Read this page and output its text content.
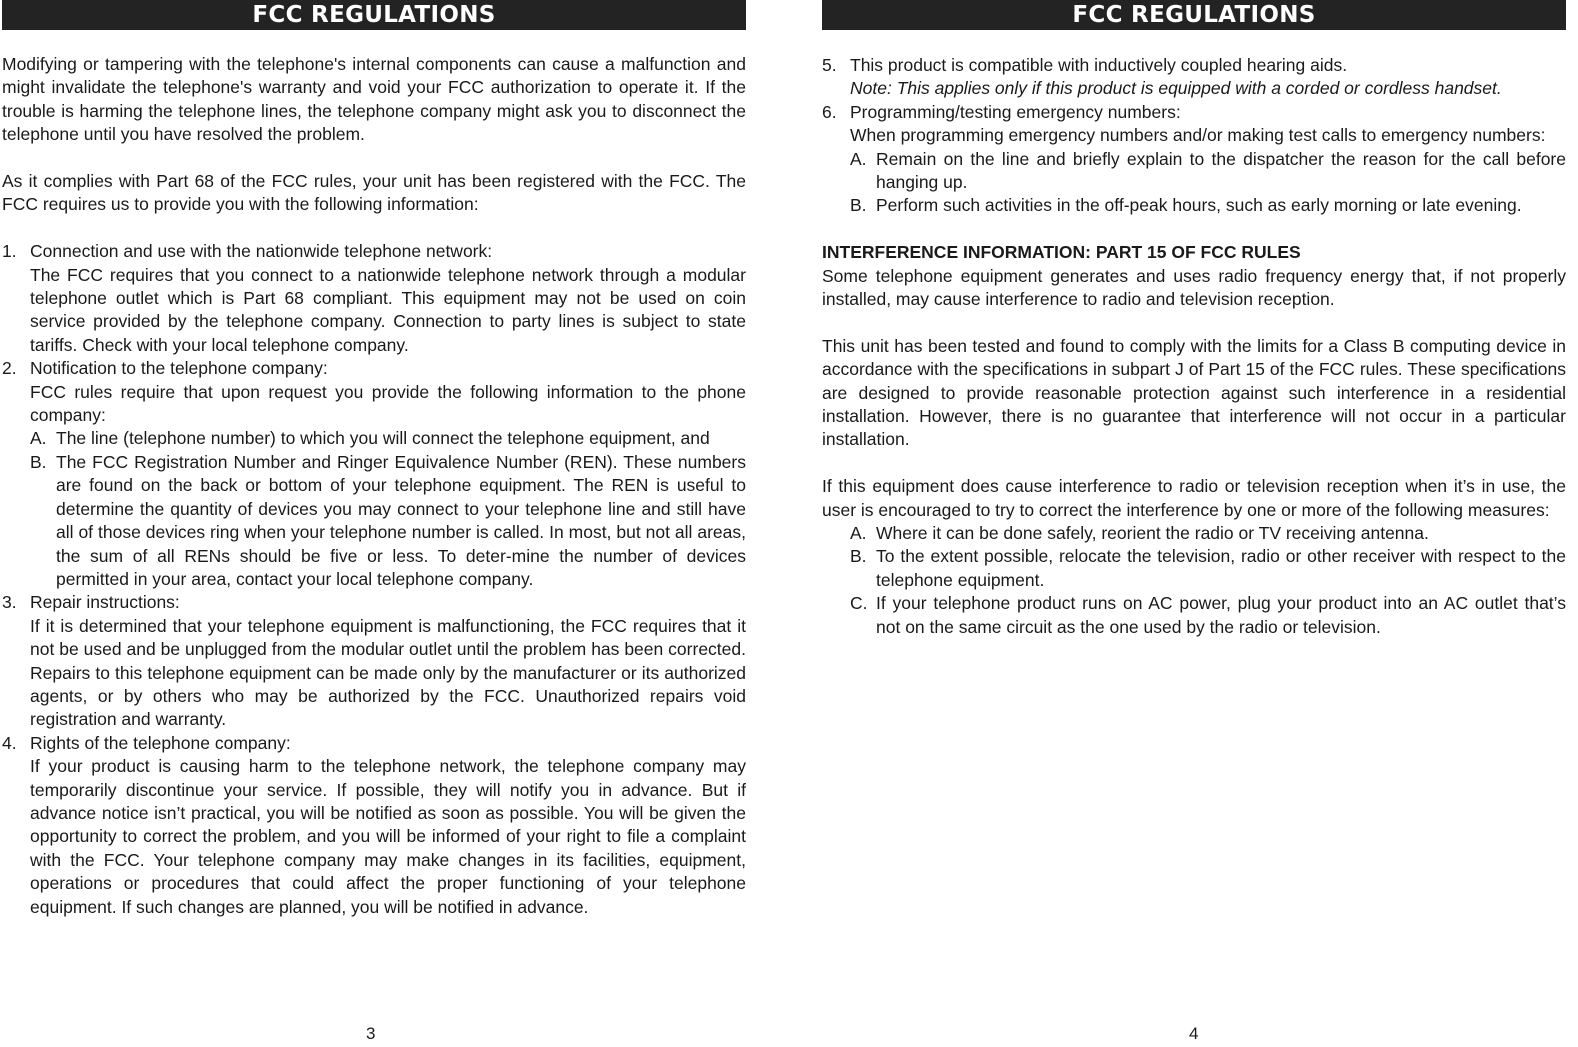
FCC REGULATIONS

Modifying or tampering with the telephone's internal components can cause a malfunction and might invalidate the telephone's warranty and void your FCC authorization to operate it. If the trouble is harming the telephone lines, the telephone company might ask you to disconnect the telephone until you have resolved the problem.

As it complies with Part 68 of the FCC rules, your unit has been registered with the FCC. The FCC requires us to provide you with the following information:

1. Connection and use with the nationwide telephone network:

The FCC requires that you connect to a nationwide telephone network through a modular telephone outlet which is Part 68 compliant. This equipment may not be used on coin service provided by the telephone company. Connection to party lines is subject to state tariffs. Check with your local telephone company.

2. Notification to the telephone company:

FCC rules require that upon request you provide the following information to the phone company:

A. The line (telephone number) to which you will connect the telephone equipment, and

B. The FCC Registration Number and Ringer Equivalence Number (REN). These numbers are found on the back or bottom of your telephone equipment. The REN is useful to determine the quantity of devices you may connect to your telephone line and still have all of those devices ring when your telephone number is called. In most, but not all areas, the sum of all RENs should be five or less. To deter-mine the number of devices permitted in your area, contact your local telephone company.

3. Repair instructions:

If it is determined that your telephone equipment is malfunctioning, the FCC requires that it not be used and be unplugged from the modular outlet until the problem has been corrected. Repairs to this telephone equipment can be made only by the manufacturer or its authorized agents, or by others who may be authorized by the FCC. Unauthorized repairs void registration and warranty.

4. Rights of the telephone company:

If your product is causing harm to the telephone network, the telephone company may temporarily discontinue your service. If possible, they will notify you in advance. But if advance notice isn’t practical, you will be notified as soon as possible. You will be given the opportunity to correct the problem, and you will be informed of your right to file a complaint with the FCC. Your telephone company may make changes in its facilities, equipment, operations or procedures that could affect the proper functioning of your telephone equipment. If such changes are planned, you will be notified in advance.

3
FCC REGULATIONS
5. This product is compatible with inductively coupled hearing aids.

Note: This applies only if this product is equipped with a corded or cordless handset.

6. Programming/testing emergency numbers:

When programming emergency numbers and/or making test calls to emergency numbers:

A. Remain on the line and briefly explain to the dispatcher the reason for the call before hanging up.

B. Perform such activities in the off-peak hours, such as early morning or late evening.

INTERFERENCE INFORMATION: PART 15 OF FCC RULES

Some telephone equipment generates and uses radio frequency energy that, if not properly installed, may cause interference to radio and television reception.

This unit has been tested and found to comply with the limits for a Class B computing device in accordance with the specifications in subpart J of Part 15 of the FCC rules. These specifications are designed to provide reasonable protection against such interference in a residential installation. However, there is no guarantee that interference will not occur in a particular installation.

If this equipment does cause interference to radio or television reception when it’s in use, the user is encouraged to try to correct the interference by one or more of the following measures:

A. Where it can be done safely, reorient the radio or TV receiving antenna.

B. To the extent possible, relocate the television, radio or other receiver with respect to the telephone equipment.

C. If your telephone product runs on AC power, plug your product into an AC outlet that’s not on the same circuit as the one used by the radio or television.

4
